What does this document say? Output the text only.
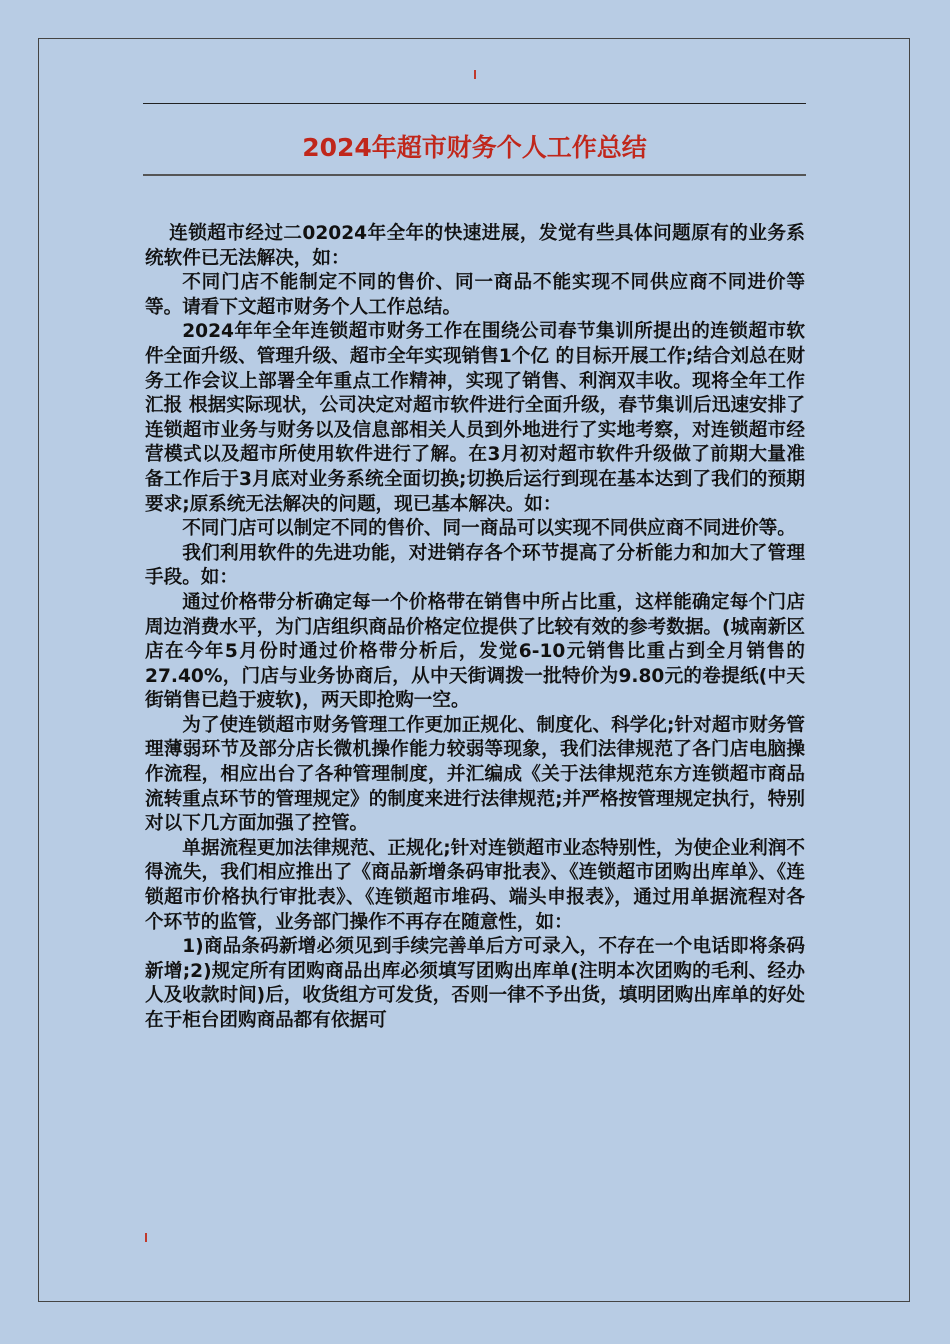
2024年超市财务个人工作总结

连锁超市经过二02024年全年的快速进展，发觉有些具体问题原有的业务系统软件已无法解决，如：

不同门店不能制定不同的售价、同一商品不能实现不同供应商不同进价等等。请看下文超市财务个人工作总结。

2024年年全年连锁超市财务工作在围绕公司春节集训所提出的连锁超市软件全面升级、管理升级、超市全年实现销售1个亿 的目标开展工作;结合刘总在财务工作会议上部署全年重点工作精神，实现了销售、利润双丰收。现将全年工作汇报 根据实际现状，公司决定对超市软件进行全面升级，春节集训后迅速安排了连锁超市业务与财务以及信息部相关人员到外地进行了实地考察，对连锁超市经营模式以及超市所使用软件进行了解。在3月初对超市软件升级做了前期大量准备工作后于3月底对业务系统全面切换;切换后运行到现在基本达到了我们的预期要求;原系统无法解决的问题，现已基本解决。如：

不同门店可以制定不同的售价、同一商品可以实现不同供应商不同进价等。

我们利用软件的先进功能，对进销存各个环节提高了分析能力和加大了管理手段。如：

通过价格带分析确定每一个价格带在销售中所占比重，这样能确定每个门店周边消费水平，为门店组织商品价格定位提供了比较有效的参考数据。(城南新区店在今年5月份时通过价格带分析后，发觉6-10元销售比重占到全月销售的27.40%，门店与业务协商后，从中天街调拨一批特价为9.80元的卷提纸(中天街销售已趋于疲软)，两天即抢购一空。

为了使连锁超市财务管理工作更加正规化、制度化、科学化;针对超市财务管理薄弱环节及部分店长微机操作能力较弱等现象，我们法律规范了各门店电脑操作流程，相应出台了各种管理制度，并汇编成《关于法律规范东方连锁超市商品流转重点环节的管理规定》的制度来进行法律规范;并严格按管理规定执行，特别对以下几方面加强了控管。

单据流程更加法律规范、正规化;针对连锁超市业态特别性，为使企业利润不得流失，我们相应推出了《商品新增条码审批表》、《连锁超市团购出库单》、《连锁超市价格执行审批表》、《连锁超市堆码、端头申报表》，通过用单据流程对各个环节的监管，业务部门操作不再存在随意性，如：

1)商品条码新增必须见到手续完善单后方可录入，不存在一个电话即将条码新增;2)规定所有团购商品出库必须填写团购出库单(注明本次团购的毛利、经办人及收款时间)后，收货组方可发货，否则一律不予出货，填明团购出库单的好处在于柜台团购商品都有依据可
